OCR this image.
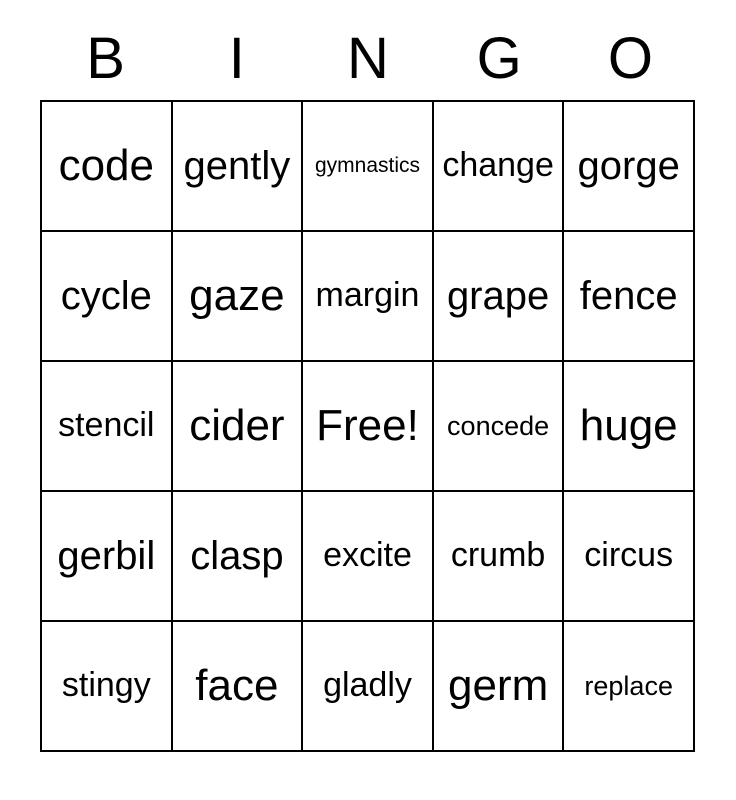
B I N G O
code gently gymnastics change gorge
cycle gaze margin grape fence
stencil cider Free! concede huge
gerbil clasp excite crumb circus
stingy face gladly germ replace
